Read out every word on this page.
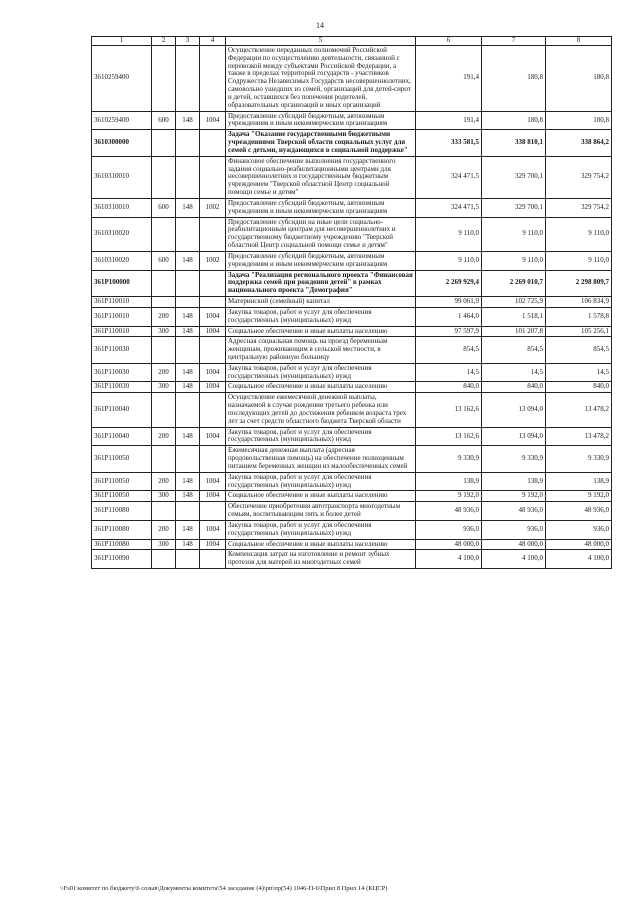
14
1	2	3	4	5	6	7	8
3610259400				Осуществление переданных полномочий Российской Федерации по осуществлению деятельности, связанной с перевозкой между субъектами Российской Федерации, а также в пределах территорий государств - участников Содружества Независимых Государств несовершеннолетних, самовольно ушедших из семей, организаций для детей-сирот и детей, оставшихся без попечения родителей, образовательных организаций и иных организаций	191,4	180,8	180,8
3610259400	600	148	1004	Предоставление субсидий бюджетным, автономным учреждениям и иным некоммерческим организациям	191,4	180,8	180,8
3610300000				Задача "Оказание государственными бюджетными учреждениями Тверской области социальных услуг для семей с детьми, нуждающихся в социальной поддержке"	333 581,5	338 810,1	338 864,2
3610310010				Финансовое обеспечение выполнения государственного задания социально-реабилитационными центрами для несовершеннолетних и государственным бюджетным учреждением "Тверской областной Центр социальной помощи семье и детям"	324 471,5	329 700,1	329 754,2
3610310010	600	148	1002	Предоставление субсидий бюджетным, автономным учреждениям и иным некоммерческим организациям	324 471,5	329 700,1	329 754,2
3610310020				Предоставление субсидии на иные цели социально-реабилитационным центрам для несовершеннолетних и государственному бюджетному учреждению "Тверской областной Центр социальной помощи семье и детям"	9 110,0	9 110,0	9 110,0
3610310020	600	148	1002	Предоставление субсидий бюджетным, автономным учреждениям и иным некоммерческим организациям	9 110,0	9 110,0	9 110,0
361P100000				Задача "Реализация регионального проекта "Финансовая поддержка семей при рождении детей" в рамках национального проекта "Демография"	2 269 929,4	2 269 010,7	2 298 809,7
361P110010				Материнский (семейный) капитал	99 061,9	102 725,9	106 834,9
361P110010	200	148	1004	Закупка товаров, работ и услуг для обеспечения государственных (муниципальных) нужд	1 464,0	1 518,1	1 578,8
361P110010	300	148	1004	Социальное обеспечение и иные выплаты населению	97 597,9	101 207,8	105 256,1
361P110030				Адресная социальная помощь на проезд беременным женщинам, проживающим в сельской местности, в центральную районную больницу	854,5	854,5	854,5
361P110030	200	148	1004	Закупка товаров, работ и услуг для обеспечения государственных (муниципальных) нужд	14,5	14,5	14,5
361P110030	300	148	1004	Социальное обеспечение и иные выплаты населению	840,0	840,0	840,0
361P110040				Осуществление ежемесячной денежной выплаты, назначаемой в случае рождения третьего ребенка или последующих детей до достижения ребенком возраста трех лет за счет средств областного бюджета Тверской области	13 162,6	13 094,0	13 478,2
361P110040	200	148	1004	Закупка товаров, работ и услуг для обеспечения государственных (муниципальных) нужд	13 162,6	13 094,0	13 478,2
361P110050				Ежемесячная денежная выплата (адресная продовольственная помощь) на обеспечение полноценным питанием беременных женщин из малообеспеченных семей	9 330,9	9 330,9	9 330,9
361P110050	200	148	1004	Закупка товаров, работ и услуг для обеспечения государственных (муниципальных) нужд	138,9	138,9	138,9
361P110050	300	148	1004	Социальное обеспечение и иные выплаты населению	9 192,0	9 192,0	9 192,0
361P110080				Обеспечение приобретения автотранспорта многодетным семьям, воспитывающим пять и более детей	48 936,0	48 936,0	48 936,0
361P110080	200	148	1004	Закупка товаров, работ и услуг для обеспечения государственных (муниципальных) нужд	936,0	936,0	936,0
361P110080	300	148	1004	Социальное обеспечение и иные выплаты населению	48 000,0	48 000,0	48 000,0
361P110090				Компенсация затрат на изготовление и ремонт зубных протезов для матерей из многодетных семей	4 100,0	4 100,0	4 100,0
\\Fs01\комитет по бюджету\6 созыв\Документы комитета\54 заседание (4)\рп\пр(54) 1046-П-6\Прил 8 Прил 14 (КЦСР)
